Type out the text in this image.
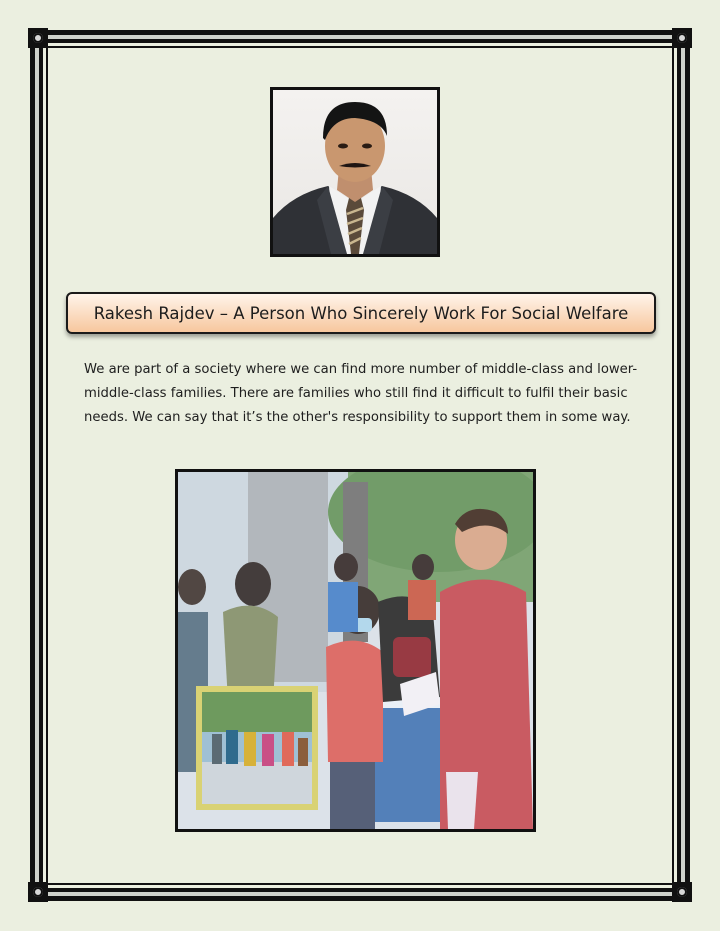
Rakesh Rajdev – A Person Who Sincerely Work For Social Welfare

We are part of a society where we can find more number of middle-class and lower-middle-class families. There are families who still find it difficult to fulfil their basic needs. We can say that it’s the other's responsibility to support them in some way.
